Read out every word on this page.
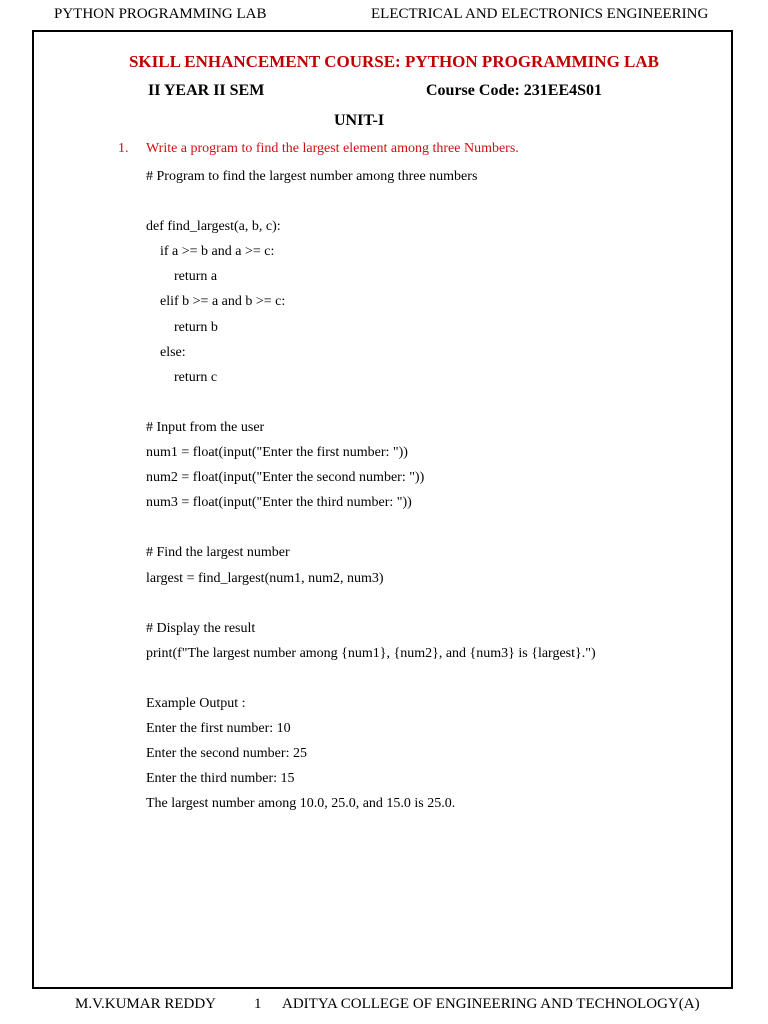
PYTHON PROGRAMMING LAB	ELECTRICAL AND ELECTRONICS ENGINEERING
SKILL ENHANCEMENT COURSE: PYTHON PROGRAMMING LAB
II YEAR II SEM	Course Code: 231EE4S01
UNIT-I
1. Write a program to find the largest element among three Numbers.
# Program to find the largest number among three numbers
def find_largest(a, b, c):
if a >= b and a >= c:
return a
elif b >= a and b >= c:
return b
else:
return c
# Input from the user
num1 = float(input("Enter the first number: "))
num2 = float(input("Enter the second number: "))
num3 = float(input("Enter the third number: "))
# Find the largest number
largest = find_largest(num1, num2, num3)
# Display the result
print(f"The largest number among {num1}, {num2}, and {num3} is {largest}.")
Example Output :
Enter the first number: 10
Enter the second number: 25
Enter the third number: 15
The largest number among 10.0, 25.0, and 15.0 is 25.0.
M.V.KUMAR REDDY	1 ADITYA COLLEGE OF ENGINEERING AND TECHNOLOGY(A)
